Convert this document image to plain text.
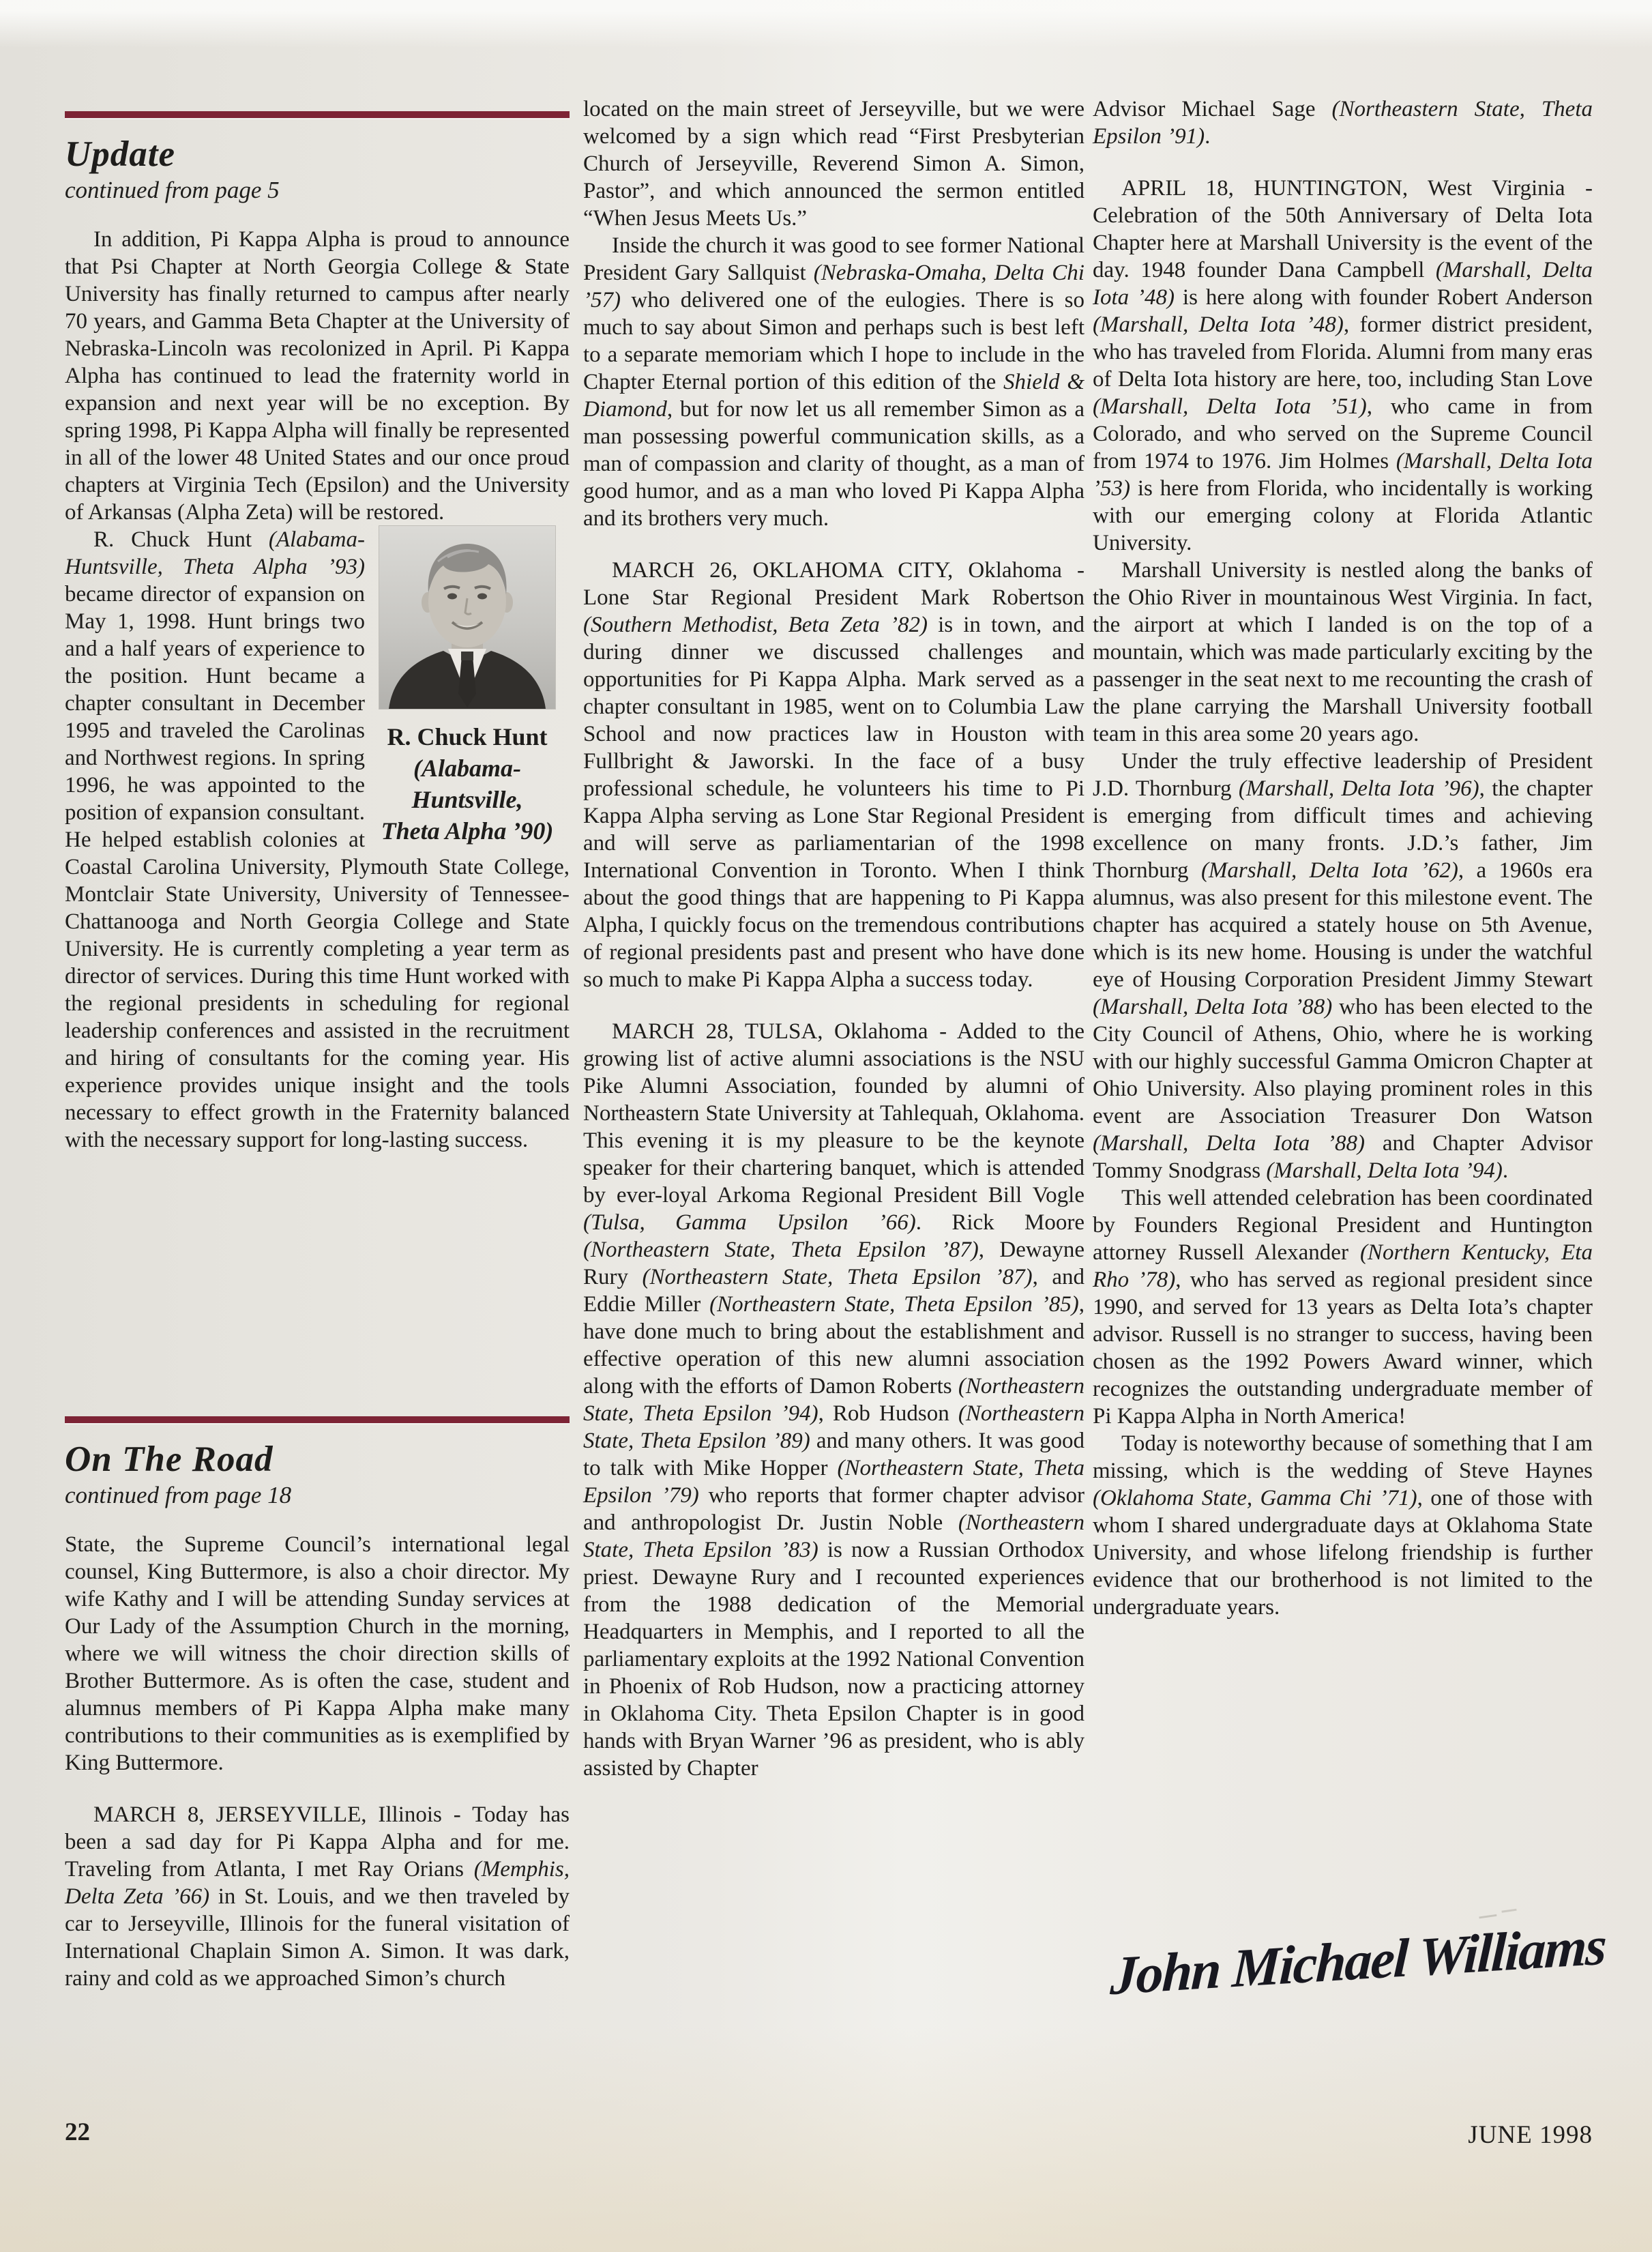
Update
continued from page 5

In addition, Pi Kappa Alpha is proud to announce that Psi Chapter at North Georgia College & State University has finally returned to campus after nearly 70 years, and Gamma Beta Chapter at the University of Nebraska-Lincoln was recolonized in April. Pi Kappa Alpha has continued to lead the fraternity world in expansion and next year will be no exception. By spring 1998, Pi Kappa Alpha will finally be represented in all of the lower 48 United States and our once proud chapters at Virginia Tech (Epsilon) and the University of Arkansas (Alpha Zeta) will be restored.

R. Chuck Hunt
(Alabama-
Huntsville,
Theta Alpha ’90)

R. Chuck Hunt (Alabama-Huntsville, Theta Alpha ’93) became director of expansion on May 1, 1998. Hunt brings two and a half years of experience to the position. Hunt became a chapter consultant in December 1995 and traveled the Carolinas and Northwest regions. In spring 1996, he was appointed to the position of expansion consultant. He helped establish colonies at Coastal Carolina University, Plymouth State College, Montclair State University, University of Tennessee-Chattanooga and North Georgia College and State University. He is currently completing a year term as director of services. During this time Hunt worked with the regional presidents in scheduling for regional leadership conferences and assisted in the recruitment and hiring of consultants for the coming year. His experience provides unique insight and the tools necessary to effect growth in the Fraternity balanced with the necessary support for long-lasting success.

located on the main street of Jerseyville, but we were welcomed by a sign which read “First Presbyterian Church of Jerseyville, Reverend Simon A. Simon, Pastor”, and which announced the sermon entitled “When Jesus Meets Us.”

Inside the church it was good to see former National President Gary Sallquist (Nebraska-Omaha, Delta Chi ’57) who delivered one of the eulogies. There is so much to say about Simon and perhaps such is best left to a separate memoriam which I hope to include in the Chapter Eternal portion of this edition of the Shield & Diamond, but for now let us all remember Simon as a man possessing powerful communication skills, as a man of compassion and clarity of thought, as a man of good humor, and as a man who loved Pi Kappa Alpha and its brothers very much.

MARCH 26, OKLAHOMA CITY, Oklahoma - Lone Star Regional President Mark Robertson (Southern Methodist, Beta Zeta ’82) is in town, and during dinner we discussed challenges and opportunities for Pi Kappa Alpha. Mark served as a chapter consultant in 1985, went on to Columbia Law School and now practices law in Houston with Fullbright & Jaworski. In the face of a busy professional schedule, he volunteers his time to Pi Kappa Alpha serving as Lone Star Regional President and will serve as parliamentarian of the 1998 International Convention in Toronto. When I think about the good things that are happening to Pi Kappa Alpha, I quickly focus on the tremendous contributions of regional presidents past and present who have done so much to make Pi Kappa Alpha a success today.

MARCH 28, TULSA, Oklahoma - Added to the growing list of active alumni associations is the NSU Pike Alumni Association, founded by alumni of Northeastern State University at Tahlequah, Oklahoma. This evening it is my pleasure to be the keynote speaker for their chartering banquet, which is attended by ever-loyal Arkoma Regional President Bill Vogle (Tulsa, Gamma Upsilon ’66). Rick Moore (Northeastern State, Theta Epsilon ’87), Dewayne Rury (Northeastern State, Theta Epsilon ’87), and Eddie Miller (Northeastern State, Theta Epsilon ’85), have done much to bring about the establishment and effective operation of this new alumni association along with the efforts of Damon Roberts (Northeastern State, Theta Epsilon ’94), Rob Hudson (Northeastern State, Theta Epsilon ’89) and many others. It was good to talk with Mike Hopper (Northeastern State, Theta Epsilon ’79) who reports that former chapter advisor and anthropologist Dr. Justin Noble (Northeastern State, Theta Epsilon ’83) is now a Russian Orthodox priest. Dewayne Rury and I recounted experiences from the 1988 dedication of the Memorial Headquarters in Memphis, and I reported to all the parliamentary exploits at the 1992 National Convention in Phoenix of Rob Hudson, now a practicing attorney in Oklahoma City. Theta Epsilon Chapter is in good hands with Bryan Warner ’96 as president, who is ably assisted by Chapter

Advisor Michael Sage (Northeastern State, Theta Epsilon ’91).

APRIL 18, HUNTINGTON, West Virginia - Celebration of the 50th Anniversary of Delta Iota Chapter here at Marshall University is the event of the day. 1948 founder Dana Campbell (Marshall, Delta Iota ’48) is here along with founder Robert Anderson (Marshall, Delta Iota ’48), former district president, who has traveled from Florida. Alumni from many eras of Delta Iota history are here, too, including Stan Love (Marshall, Delta Iota ’51), who came in from Colorado, and who served on the Supreme Council from 1974 to 1976. Jim Holmes (Marshall, Delta Iota ’53) is here from Florida, who incidentally is working with our emerging colony at Florida Atlantic University.

Marshall University is nestled along the banks of the Ohio River in mountainous West Virginia. In fact, the airport at which I landed is on the top of a mountain, which was made particularly exciting by the passenger in the seat next to me recounting the crash of the plane carrying the Marshall University football team in this area some 20 years ago.

Under the truly effective leadership of President J.D. Thornburg (Marshall, Delta Iota ’96), the chapter is emerging from difficult times and achieving excellence on many fronts. J.D.’s father, Jim Thornburg (Marshall, Delta Iota ’62), a 1960s era alumnus, was also present for this milestone event. The chapter has acquired a stately house on 5th Avenue, which is its new home. Housing is under the watchful eye of Housing Corporation President Jimmy Stewart (Marshall, Delta Iota ’88) who has been elected to the City Council of Athens, Ohio, where he is working with our highly successful Gamma Omicron Chapter at Ohio University. Also playing prominent roles in this event are Association Treasurer Don Watson (Marshall, Delta Iota ’88) and Chapter Advisor Tommy Snodgrass (Marshall, Delta Iota ’94).

This well attended celebration has been coordinated by Founders Regional President and Huntington attorney Russell Alexander (Northern Kentucky, Eta Rho ’78), who has served as regional president since 1990, and served for 13 years as Delta Iota’s chapter advisor. Russell is no stranger to success, having been chosen as the 1992 Powers Award winner, which recognizes the outstanding undergraduate member of Pi Kappa Alpha in North America!

Today is noteworthy because of something that I am missing, which is the wedding of Steve Haynes (Oklahoma State, Gamma Chi ’71), one of those with whom I shared undergraduate days at Oklahoma State University, and whose lifelong friendship is further evidence that our brotherhood is not limited to the undergraduate years.

On The Road
continued from page 18

State, the Supreme Council’s international legal counsel, King Buttermore, is also a choir director. My wife Kathy and I will be attending Sunday services at Our Lady of the Assumption Church in the morning, where we will witness the choir direction skills of Brother Buttermore. As is often the case, student and alumnus members of Pi Kappa Alpha make many contributions to their communities as is exemplified by King Buttermore.

MARCH 8, JERSEYVILLE, Illinois - Today has been a sad day for Pi Kappa Alpha and for me. Traveling from Atlanta, I met Ray Orians (Memphis, Delta Zeta ’66) in St. Louis, and we then traveled by car to Jerseyville, Illinois for the funeral visitation of International Chaplain Simon A. Simon. It was dark, rainy and cold as we approached Simon’s church	John Michael Williams
22	JUNE 1998
